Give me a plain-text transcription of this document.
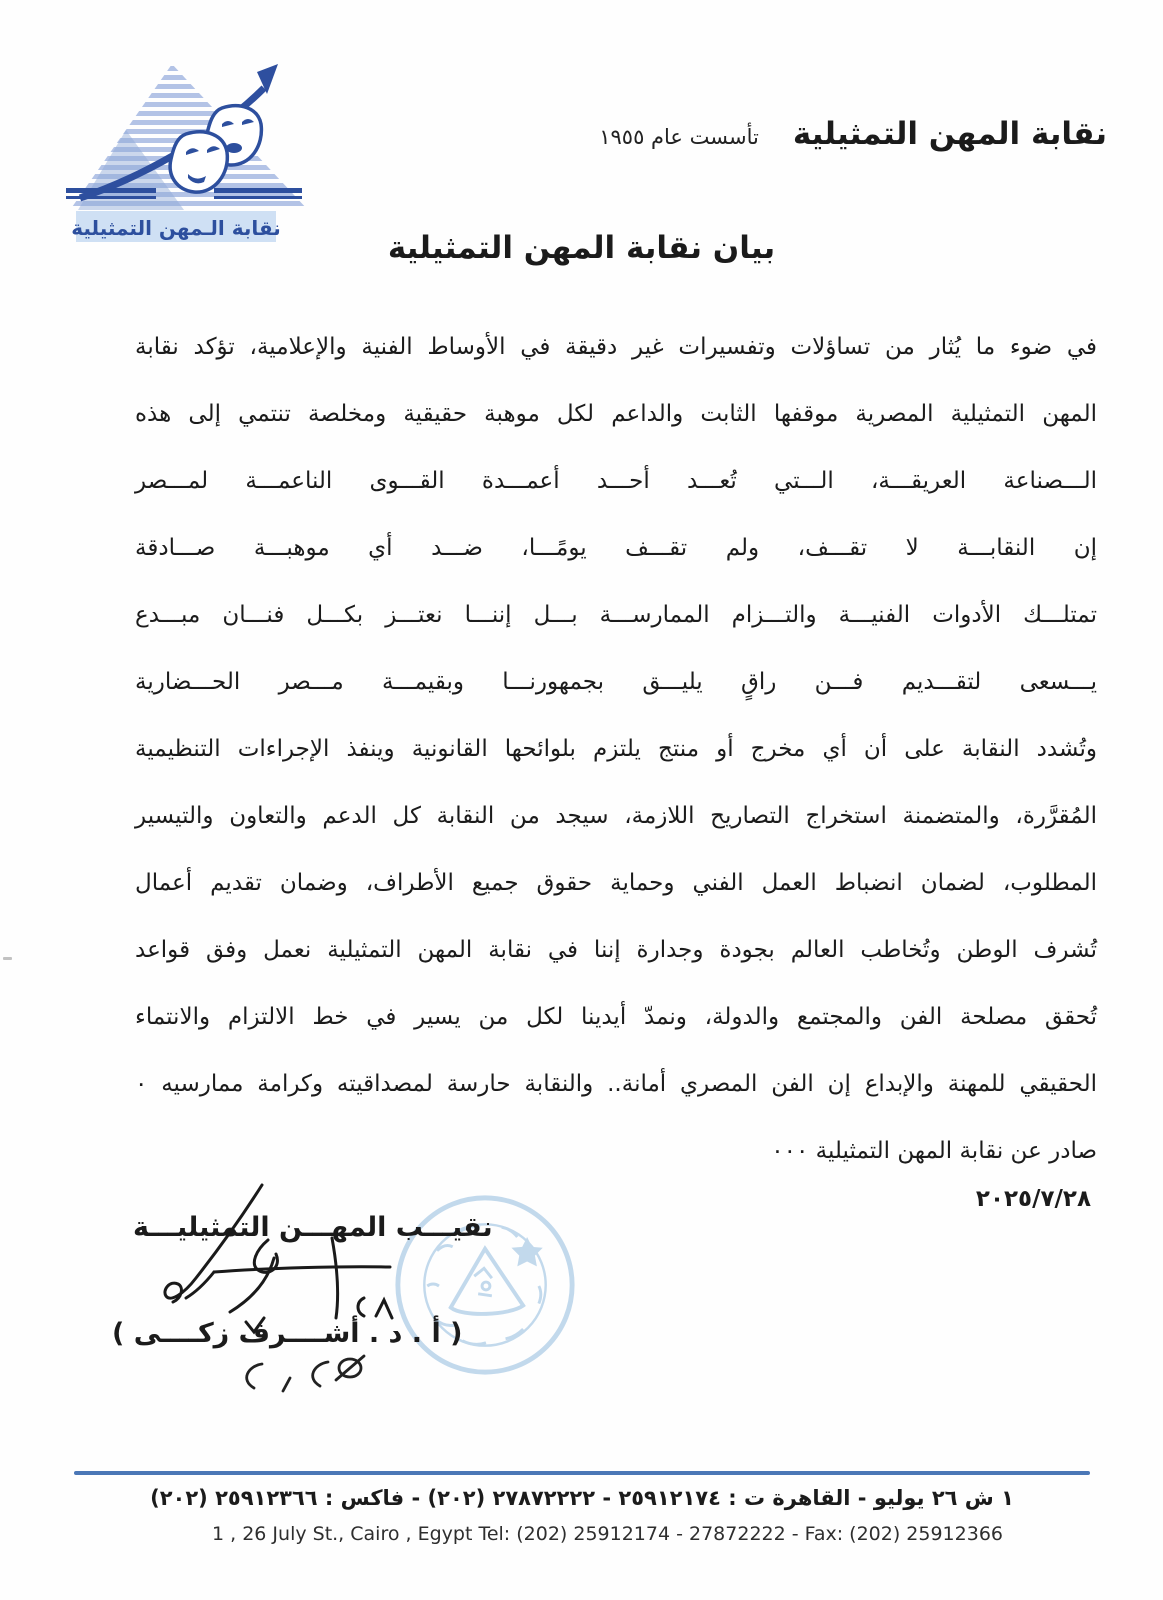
نقابة الـمهن التمثيلية
نقابة المهن التمثيلية
تأسست عام ١٩٥٥
بيان نقابة المهن التمثيلية
في ضوء ما يُثار من تساؤلات وتفسيرات غير دقيقة في الأوساط الفنية والإعلامية، تؤكد نقابة
المهن التمثيلية المصرية موقفها الثابت والداعم لكل موهبة حقيقية ومخلصة تنتمي إلى هذه
الـــصناعة العريقـــة، الـــتي تُعـــد أحـــد أعمـــدة القـــوى الناعمـــة لمـــصر
إن النقابـــة لا تقـــف، ولم تقـــف يومًـــا، ضـــد أي موهبـــة صـــادقة
تمتلـــك الأدوات الفنيـــة والتـــزام الممارســـة بـــل إننـــا نعتـــز بكـــل فنـــان مبـــدع
يـــسعى لتقـــديم فـــن راقٍ يليـــق بجمهورنـــا وبقيمـــة مـــصر الحـــضارية
وتُشدد النقابة على أن أي مخرج أو منتج يلتزم بلوائحها القانونية وينفذ الإجراءات التنظيمية
المُقرَّرة، والمتضمنة استخراج التصاريح اللازمة، سيجد من النقابة كل الدعم والتعاون والتيسير
المطلوب، لضمان انضباط العمل الفني وحماية حقوق جميع الأطراف، وضمان تقديم أعمال
تُشرف الوطن وتُخاطب العالم بجودة وجدارة إننا في نقابة المهن التمثيلية نعمل وفق قواعد
تُحقق مصلحة الفن والمجتمع والدولة، ونمدّ أيدينا لكل من يسير في خط الالتزام والانتماء
الحقيقي للمهنة والإبداع إن الفن المصري أمانة.. والنقابة حارسة لمصداقيته وكرامة ممارسيه ٠
صادر عن نقابة المهن التمثيلية ٠٠٠
٢٠٢٥/٧/٢٨
نقيـــب المهـــن التمثيليـــة
( أ . د . أشــــرف زكــــى )
١ ش ٢٦ يوليو - القاهرة ت : ٢٥٩١٢١٧٤ - ٢٧٨٧٢٢٢٢ (٢٠٢) - فاكس : ٢٥٩١٢٣٦٦ (٢٠٢)
1 , 26 July St., Cairo , Egypt Tel: (202) 25912174 - 27872222 - Fax: (202) 25912366
